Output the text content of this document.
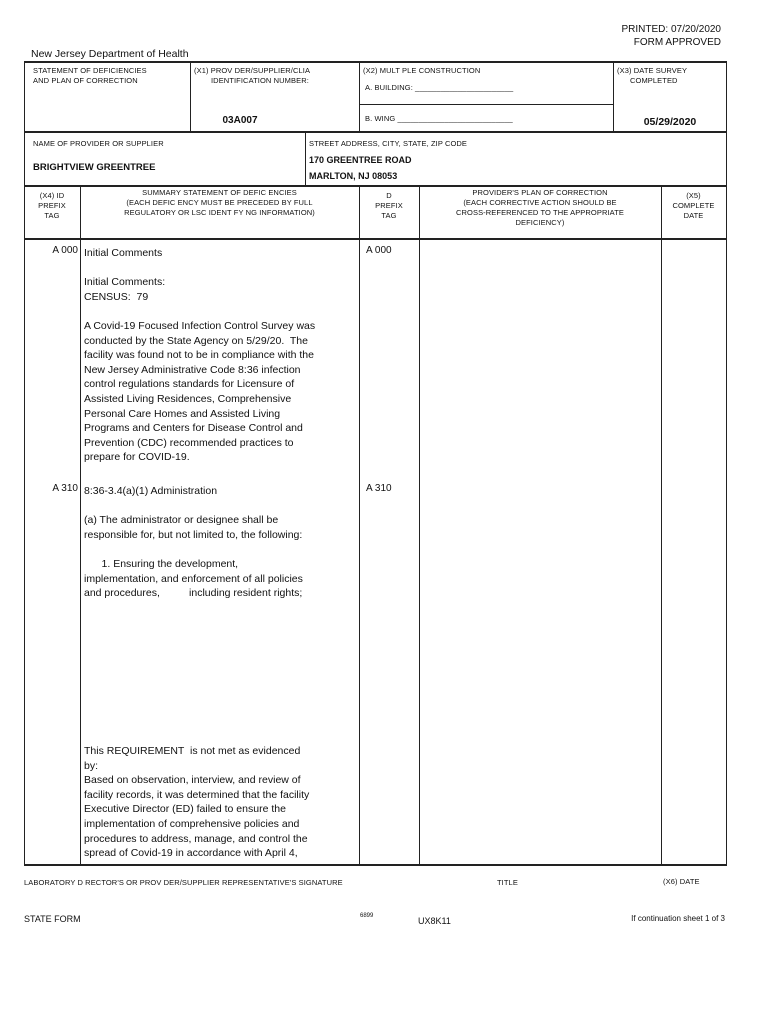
PRINTED: 07/20/2020
FORM APPROVED
New Jersey Department of Health
STATEMENT OF DEFICIENCIES
AND PLAN OF CORRECTION
(X1) PROV DER/SUPPLIER/CLIA
IDENTIFICATION NUMBER:
03A007
(X2) MULT PLE CONSTRUCTION
A. BUILDING: _______________________
B. WING ___________________________
(X3) DATE SURVEY
COMPLETED
05/29/2020
NAME OF PROVIDER OR SUPPLIER
BRIGHTVIEW GREENTREE
STREET ADDRESS, CITY, STATE, ZIP CODE
170 GREENTREE ROAD
MARLTON, NJ 08053
(X4) ID
PREFIX
TAG
SUMMARY STATEMENT OF DEFIC ENCIES
(EACH DEFIC ENCY MUST BE PRECEDED BY FULL
REGULATORY OR LSC IDENT FY NG INFORMATION)
D
PREFIX
TAG
PROVIDER'S PLAN OF CORRECTION
(EACH CORRECTIVE ACTION SHOULD BE
CROSS-REFERENCED TO THE APPROPRIATE
DEFICIENCY)
(X5)
COMPLETE
DATE
A 000	A 000
Initial Comments
Initial Comments:
CENSUS:  79
A Covid-19 Focused Infection Control Survey was
conducted by the State Agency on 5/29/20.  The
facility was found not to be in compliance with the
New Jersey Administrative Code 8:36 infection
control regulations standards for Licensure of
Assisted Living Residences, Comprehensive
Personal Care Homes and Assisted Living
Programs and Centers for Disease Control and
Prevention (CDC) recommended practices to
prepare for COVID-19.
A 310	A 310
8:36-3.4(a)(1) Administration
(a) The administrator or designee shall be
responsible for, but not limited to, the following:
1. Ensuring the development,
implementation, and enforcement of all policies
and procedures,          including resident rights;
This REQUIREMENT  is not met as evidenced
by:
Based on observation, interview, and review of
facility records, it was determined that the facility
Executive Director (ED) failed to ensure the
implementation of comprehensive policies and
procedures to address, manage, and control the
spread of Covid-19 in accordance with April 4,
LABORATORY D RECTOR'S OR PROV DER/SUPPLIER REPRESENTATIVE'S SIGNATURE	TITLE	(X6) DATE
STATE FORM	6899	UX8K11	If continuation sheet 1 of 3
